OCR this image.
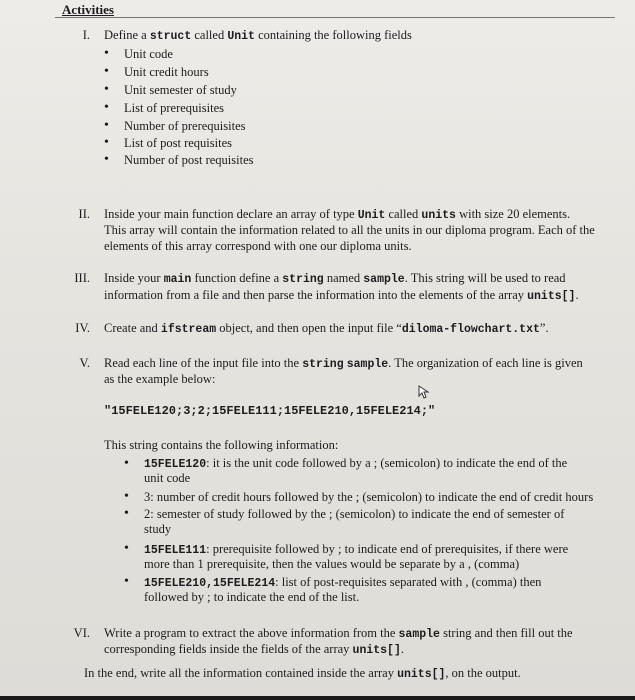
Activities
I. Define a struct called Unit containing the following fields
• Unit code
• Unit credit hours
• Unit semester of study
• List of prerequisites
• Number of prerequisites
• List of post requisites
• Number of post requisites
II. Inside your main function declare an array of type Unit called units with size 20 elements.
This array will contain the information related to all the units in our diploma program. Each of the
elements of this array correspond with one our diploma units.
III. Inside your main function define a string named sample. This string will be used to read
information from a file and then parse the information into the elements of the array units[].
IV. Create and ifstream object, and then open the input file “diloma-flowchart.txt”.
V. Read each line of the input file into the string sample. The organization of each line is given
as the example below:
"15FELE120;3;2;15FELE111;15FELE210,15FELE214;"
This string contains the following information:
• 15FELE120: it is the unit code followed by a ; (semicolon) to indicate the end of the
unit code
• 3: number of credit hours followed by the ; (semicolon) to indicate the end of credit hours
• 2: semester of study followed by the ; (semicolon) to indicate the end of semester of
study
• 15FELE111: prerequisite followed by ; to indicate end of prerequisites, if there were
more than 1 prerequisite, then the values would be separate by a , (comma)
• 15FELE210,15FELE214: list of post-requisites separated with , (comma) then
followed by ; to indicate the end of the list.
VI. Write a program to extract the above information from the sample string and then fill out the
corresponding fields inside the fields of the array units[].
In the end, write all the information contained inside the array units[], on the output.
